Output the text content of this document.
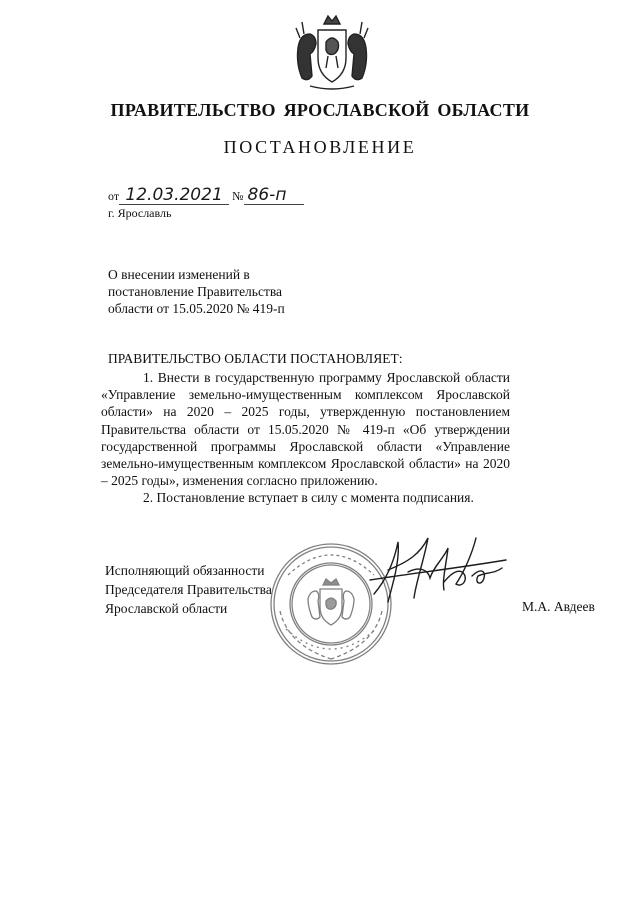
ПРАВИТЕЛЬСТВО ЯРОСЛАВСКОЙ ОБЛАСТИ
ПОСТАНОВЛЕНИЕ
от 12.03.2021 № 86-п
г. Ярославль
О внесении изменений в
постановление Правительства
области от 15.05.2020 № 419-п
ПРАВИТЕЛЬСТВО ОБЛАСТИ ПОСТАНОВЛЯЕТ:

1. Внести в государственную программу Ярославской области «Управление земельно-имущественным комплексом Ярославской области» на 2020 – 2025 годы, утвержденную постановлением Правительства области от 15.05.2020 № 419-п «Об утверждении государственной программы Ярославской области «Управление земельно-имущественным комплексом Ярославской области» на 2020 – 2025 годы», изменения согласно приложению.

2. Постановление вступает в силу с момента подписания.

Исполняющий обязанности
Председателя Правительства
Ярославской области	М.А. Авдеев
